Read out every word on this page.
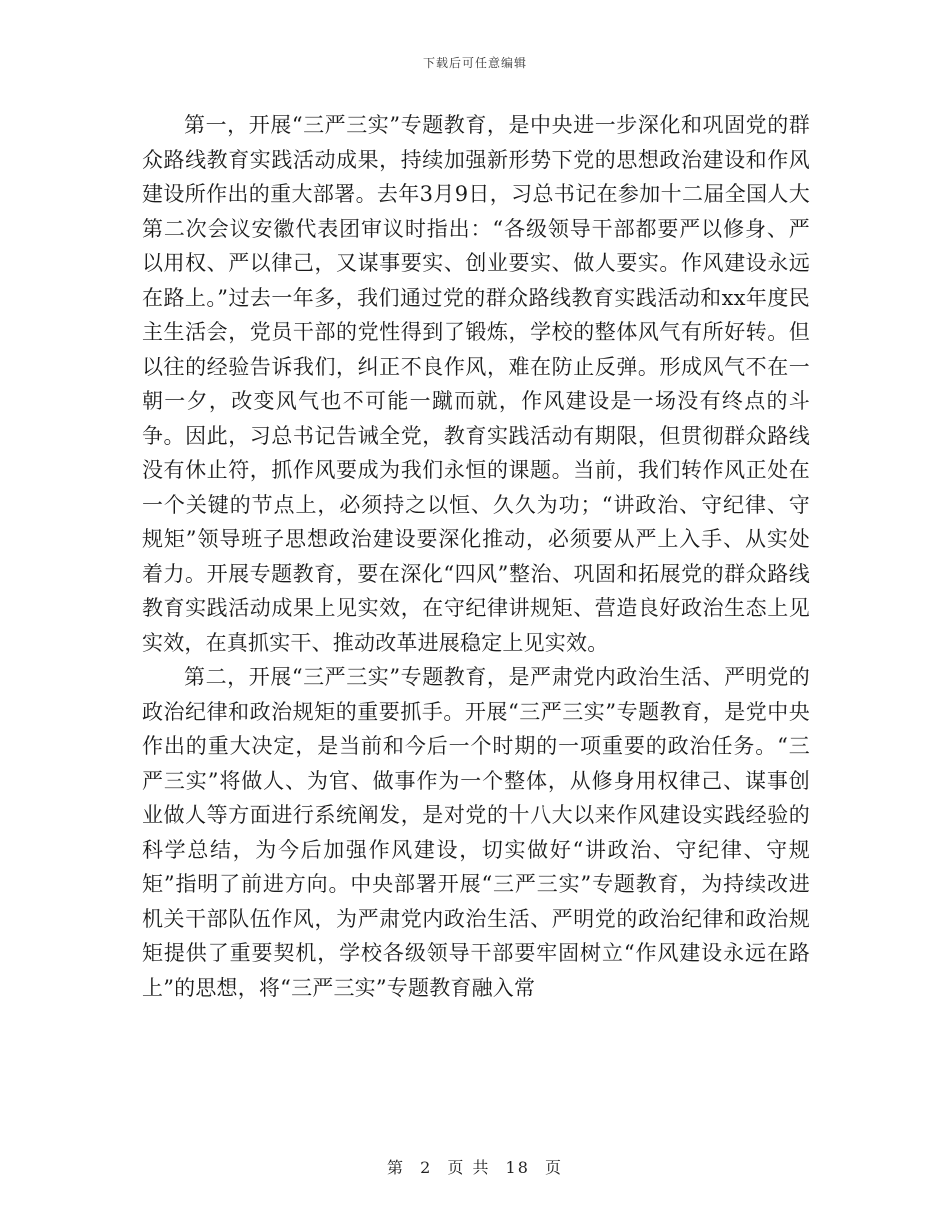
下载后可任意编辑

第一，开展“三严三实”专题教育，是中央进一步深化和巩固党的群众路线教育实践活动成果，持续加强新形势下党的思想政治建设和作风建设所作出的重大部署。去年3月9日，习总书记在参加十二届全国人大第二次会议安徽代表团审议时指出：“各级领导干部都要严以修身、严以用权、严以律己，又谋事要实、创业要实、做人要实。作风建设永远在路上。”过去一年多，我们通过党的群众路线教育实践活动和xx年度民主生活会，党员干部的党性得到了锻炼，学校的整体风气有所好转。但以往的经验告诉我们，纠正不良作风，难在防止反弹。形成风气不在一朝一夕，改变风气也不可能一蹴而就，作风建设是一场没有终点的斗争。因此，习总书记告诫全党，教育实践活动有期限，但贯彻群众路线没有休止符，抓作风要成为我们永恒的课题。当前，我们转作风正处在一个关键的节点上，必须持之以恒、久久为功；“讲政治、守纪律、守规矩”领导班子思想政治建设要深化推动，必须要从严上入手、从实处着力。开展专题教育，要在深化“四风”整治、巩固和拓展党的群众路线教育实践活动成果上见实效，在守纪律讲规矩、营造良好政治生态上见实效，在真抓实干、推动改革进展稳定上见实效。

第二，开展“三严三实”专题教育，是严肃党内政治生活、严明党的政治纪律和政治规矩的重要抓手。开展“三严三实”专题教育，是党中央作出的重大决定，是当前和今后一个时期的一项重要的政治任务。“三严三实”将做人、为官、做事作为一个整体，从修身用权律己、谋事创业做人等方面进行系统阐发，是对党的十八大以来作风建设实践经验的科学总结，为今后加强作风建设，切实做好“讲政治、守纪律、守规矩”指明了前进方向。中央部署开展“三严三实”专题教育，为持续改进机关干部队伍作风，为严肃党内政治生活、严明党的政治纪律和政治规矩提供了重要契机，学校各级领导干部要牢固树立“作风建设永远在路上”的思想，将“三严三实”专题教育融入常

第 2 页 共 18 页
